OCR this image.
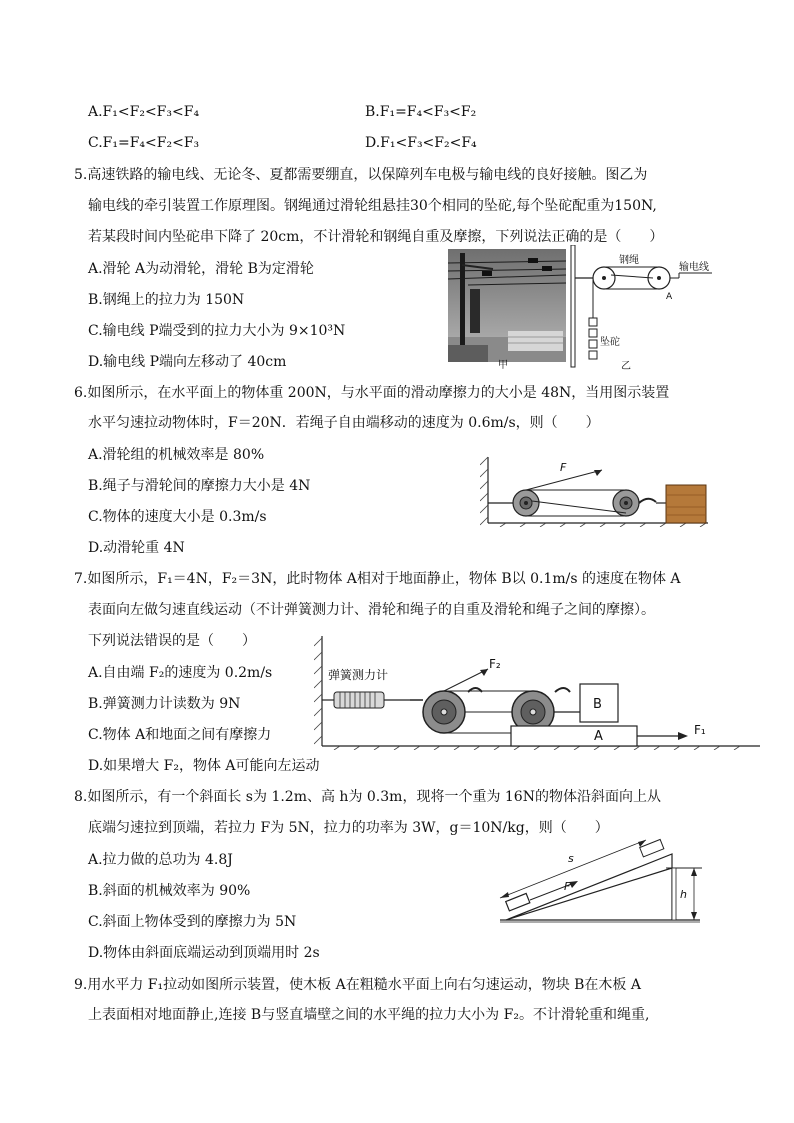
A.F₁<F₂<F₃<F₄	B.F₁=F₄<F₃<F₂
C.F₁=F₄<F₂<F₃	D.F₁<F₃<F₂<F₄
5.高速铁路的输电线、无论冬、夏都需要绷直，以保障列车电极与输电线的良好接触。图乙为
输电线的牵引装置工作原理图。钢绳通过滑轮组悬挂30个相同的坠砣,每个坠砣配重为150N,
若某段时间内坠砣串下降了 20cm，不计滑轮和钢绳自重及摩擦，下列说法正确的是（　　）
A.滑轮 A为动滑轮，滑轮 B为定滑轮
B.钢绳上的拉力为 150N
C.输电线 P端受到的拉力大小为 9×10³N
D.输电线 P端向左移动了 40cm	甲
钢绳
输电线
A
坠砣
乙
6.如图所示，在水平面上的物体重 200N，与水平面的滑动摩擦力的大小是 48N，当用图示装置
水平匀速拉动物体时，F＝20N．若绳子自由端移动的速度为 0.6m/s，则（　　）
A.滑轮组的机械效率是 80%
B.绳子与滑轮间的摩擦力大小是 4N
C.物体的速度大小是 0.3m/s
D.动滑轮重 4N
F
7.如图所示，F₁＝4N，F₂＝3N，此时物体 A相对于地面静止，物体 B以 0.1m/s 的速度在物体 A
表面向左做匀速直线运动（不计弹簧测力计、滑轮和绳子的自重及滑轮和绳子之间的摩擦）。
下列说法错误的是（　　）
A.自由端 F₂的速度为 0.2m/s
B.弹簧测力计读数为 9N
C.物体 A和地面之间有摩擦力
D.如果增大 F₂，物体 A可能向左运动
弹簧测力计
F₂
B
A	F₁
8.如图所示，有一个斜面长 s为 1.2m、高 h为 0.3m，现将一个重为 16N的物体沿斜面向上从
底端匀速拉到顶端，若拉力 F为 5N，拉力的功率为 3W，g＝10N/kg，则（　　）
A.拉力做的总功为 4.8J
B.斜面的机械效率为 90%
C.斜面上物体受到的摩擦力为 5N
D.物体由斜面底端运动到顶端用时 2s
F
s
h
9.用水平力 F₁拉动如图所示装置，使木板 A在粗糙水平面上向右匀速运动，物块 B在木板 A
上表面相对地面静止,连接 B与竖直墙壁之间的水平绳的拉力大小为 F₂。不计滑轮重和绳重,
